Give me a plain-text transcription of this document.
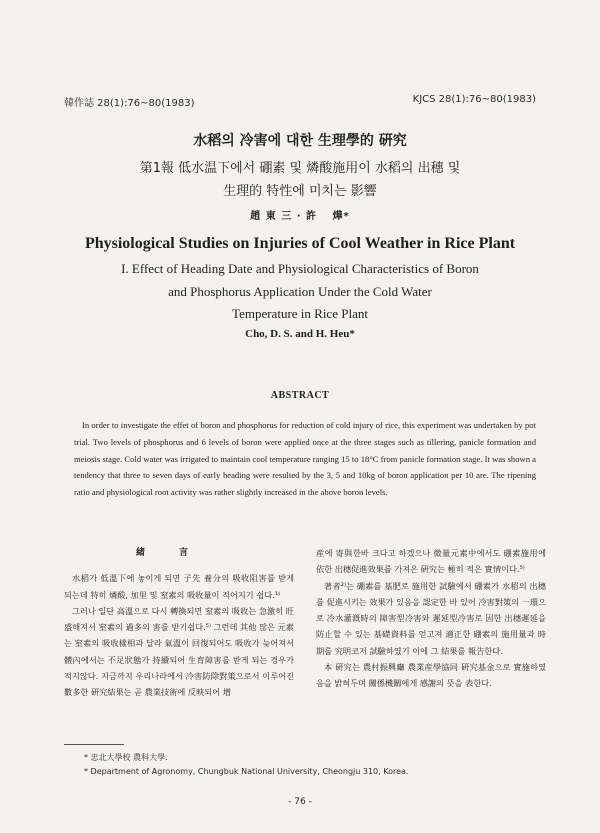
韓作誌 28(1):76~80(1983)	KJCS 28(1):76~80(1983)
水稻의 冷害에 대한 生理學的 硏究
第1報 低水温下에서 硼素 및 燐酸施用이 水稻의 出穗 및
生理的 特性에 미치는 影響
趙 東 三 · 許　 燁*
Physiological Studies on Injuries of Cool Weather in Rice Plant
I. Effect of Heading Date and Physiological Characteristics of Boron
and Phosphorus Application Under the Cold Water
Temperature in Rice Plant
Cho, D. S. and H. Heu*
ABSTRACT
In order to investigate the effet of boron and phosphorus for reduction of cold injury of rice, this experiment was undertaken by pot trial. Two levels of phosphorus and 6 levels of boron were applied once at the three stages such as tillering, panicle formation and meiosis stage. Cold water was irrigated to maintain cool temperature ranging 15 to 18°C from panicle formation stage. It was shown a tendency that three to seven days of early heading were resulted by the 3, 5 and 10kg of boron application per 10 are. The ripening ratio and physiological root activity was rather slightly increased in the above boron levels.
緒言

水稻가 低溫下에 놓이게 되면 子先 養分의 吸收阻害를 받게 되는데 特히 燐酸, 加里 및 窒素의 吸收量이 적어지기 쉽다.¹⁾

그러나 일단 高溫으로 다시 轉換되면 窒素의 吸收는 急激히 旺盛해져서 窒素의 過多의 害를 받기쉽다.⁵⁾ 그런데 其他 많은 元素는 窒素의 吸收樣相과 달라 氣溫이 回復되어도 吸收가 늦어져서 體內에서는 不足狀態가 持續되어 生育障害를 받게 되는 경우가 적지않다. 지금까지 우리나라에서 冷害防除對策으로서 이루어진 數多한 硏究結果는 곧 農業技術에 反映되어 增

産에 寄與한바 크다고 하겠으나 微量元素中에서도 硼素施用에 依한 出穗促進效果를 가져온 硏究는 極히 적은 實情이다.⁵⁾

著者²⁾는 硼素를 基肥로 施用한 試驗에서 硼素가 水稻의 出穗를 促進시키는 效果가 있음을 認定한 바 있어 冷害對策의 一環으로 冷水灌漑時의 障害型冷害와 遲延型冷害로 因한 出穗遲延을 防止할 수 있는 基礎資料를 얻고져 適正한 硼素의 施用量과 時期를 究明코저 試驗하였기 이에 그 結果를 報告한다.

本 硏究는 農村振興廳 農業産學協同 硏究基金으로 實施하였음을 밝혀두며 關係機關에게 感謝의 뜻을 表한다.

* 忠北大學校 農科大學.
* Department of Agronomy, Chungbuk National University, Cheongju 310, Korea.
- 76 -
